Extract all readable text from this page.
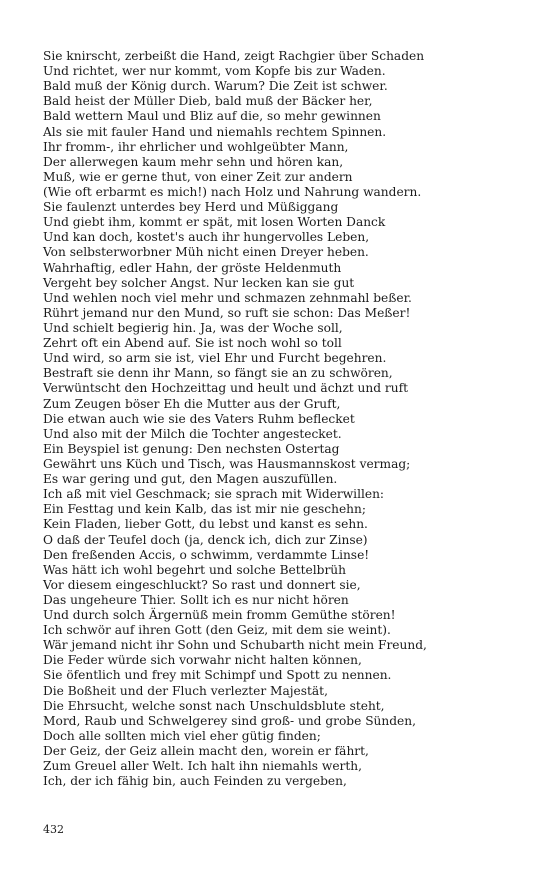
Sie knirscht, zerbeißt die Hand, zeigt Rachgier über Schaden
Und richtet, wer nur kommt, vom Kopfe bis zur Waden.
Bald muß der König durch. Warum? Die Zeit ist schwer.
Bald heist der Müller Dieb, bald muß der Bäcker her,
Bald wettern Maul und Bliz auf die, so mehr gewinnen
Als sie mit fauler Hand und niemahls rechtem Spinnen.
Ihr fromm-, ihr ehrlicher und wohlgeübter Mann,
Der allerwegen kaum mehr sehn und hören kan,
Muß, wie er gerne thut, von einer Zeit zur andern
(Wie oft erbarmt es mich!) nach Holz und Nahrung wandern.
Sie faulenzt unterdes bey Herd und Müßiggang
Und giebt ihm, kommt er spät, mit losen Worten Danck
Und kan doch, kostet's auch ihr hungervolles Leben,
Von selbsterworbner Müh nicht einen Dreyer heben.
Wahrhaftig, edler Hahn, der gröste Heldenmuth
Vergeht bey solcher Angst. Nur lecken kan sie gut
Und wehlen noch viel mehr und schmazen zehnmahl beßer.
Rührt jemand nur den Mund, so ruft sie schon: Das Meßer!
Und schielt begierig hin. Ja, was der Woche soll,
Zehrt oft ein Abend auf. Sie ist noch wohl so toll
Und wird, so arm sie ist, viel Ehr und Furcht begehren.
Bestraft sie denn ihr Mann, so fängt sie an zu schwören,
Verwüntscht den Hochzeittag und heult und ächzt und ruft
Zum Zeugen böser Eh die Mutter aus der Gruft,
Die etwan auch wie sie des Vaters Ruhm beflecket
Und also mit der Milch die Tochter angestecket.
Ein Beyspiel ist genung: Den nechsten Ostertag
Gewährt uns Küch und Tisch, was Hausmannskost vermag;
Es war gering und gut, den Magen auszufüllen.
Ich aß mit viel Geschmack; sie sprach mit Widerwillen:
Ein Festtag und kein Kalb, das ist mir nie geschehn;
Kein Fladen, lieber Gott, du lebst und kanst es sehn.
O daß der Teufel doch (ja, denck ich, dich zur Zinse)
Den freßenden Accis, o schwimm, verdammte Linse!
Was hätt ich wohl begehrt und solche Bettelbrüh
Vor diesem eingeschluckt? So rast und donnert sie,
Das ungeheure Thier. Sollt ich es nur nicht hören
Und durch solch Ärgernüß mein fromm Gemüthe stören!
Ich schwör auf ihren Gott (den Geiz, mit dem sie weint).
Wär jemand nicht ihr Sohn und Schubarth nicht mein Freund,
Die Feder würde sich vorwahr nicht halten können,
Sie öfentlich und frey mit Schimpf und Spott zu nennen.
Die Boßheit und der Fluch verlezter Majestät,
Die Ehrsucht, welche sonst nach Unschuldsblute steht,
Mord, Raub und Schwelgerey sind groß- und grobe Sünden,
Doch alle sollten mich viel eher gütig finden;
Der Geiz, der Geiz allein macht den, worein er fährt,
Zum Greuel aller Welt. Ich halt ihn niemahls werth,
Ich, der ich fähig bin, auch Feinden zu vergeben,
432
